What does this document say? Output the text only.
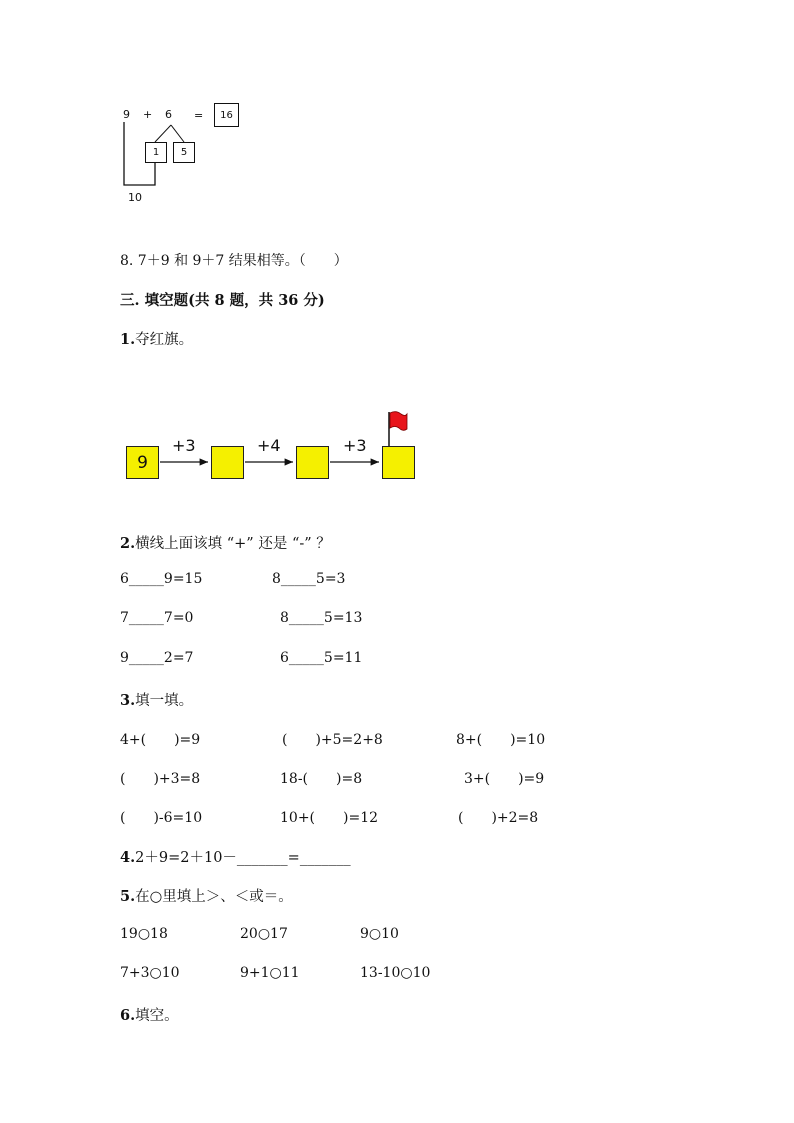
9 + 6 = 16
1 5
10
8. 7＋9 和 9＋7 结果相等。（　　）
三. 填空题(共 8 题，共 36 分)
1.夺红旗。
9
+3	+4	+3
2.横线上面该填 “+” 还是 “-” ？
6_____9=15	8_____5=3
7_____7=0	8_____5=13
9_____2=7	6_____5=11
3.填一填。
4+(　　)=9	(　　)+5=2+8	8+(　　)=10
(　　)+3=8	18-(　　)=8	3+(　　)=9
(　　)-6=10	10+(　　)=12	(　　)+2=8
4.2＋9=2＋10－_______=_______
5.在○里填上＞、＜或＝。
19○18	20○17	9○10
7+3○10	9+1○11	13-10○10
6.填空。
